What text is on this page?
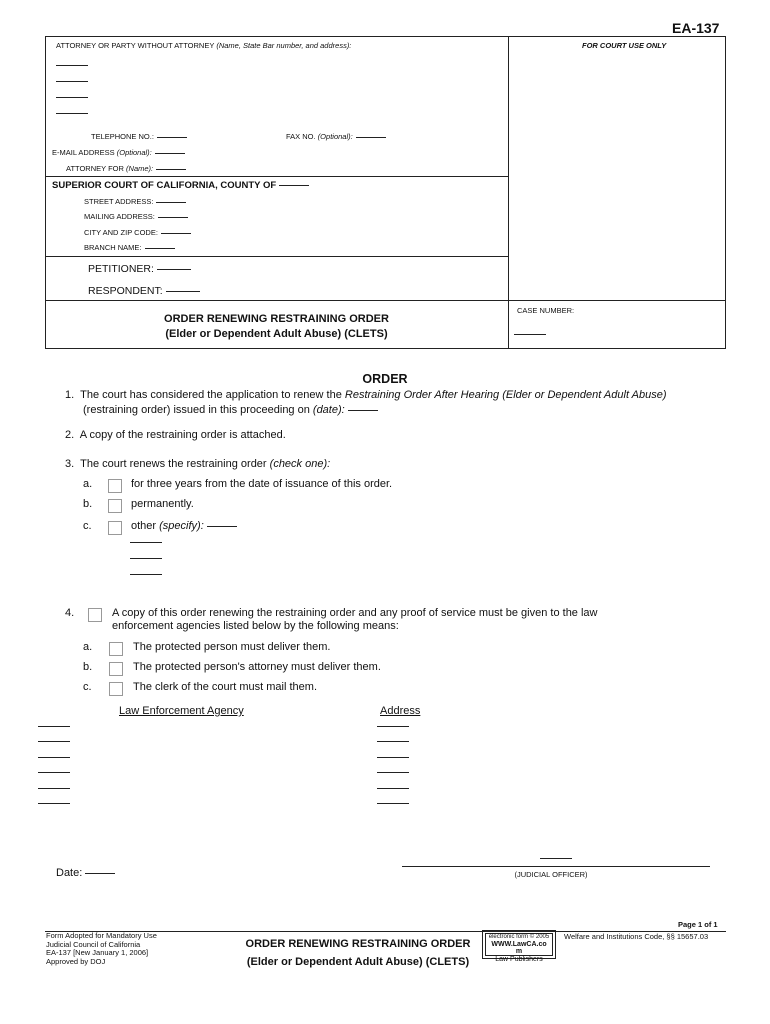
EA-137
ATTORNEY OR PARTY WITHOUT ATTORNEY (Name, State Bar number, and address):	FOR COURT USE ONLY
TELEPHONE NO.:	FAX NO. (Optional):
E-MAIL ADDRESS (Optional):
ATTORNEY FOR (Name):
SUPERIOR COURT OF CALIFORNIA, COUNTY OF
STREET ADDRESS:
MAILING ADDRESS:
CITY AND ZIP CODE:
BRANCH NAME:
PETITIONER:
RESPONDENT:
ORDER RENEWING RESTRAINING ORDER
(Elder or Dependent Adult Abuse) (CLETS)
CASE NUMBER:
ORDER
1. The court has considered the application to renew the Restraining Order After Hearing (Elder or Dependent Adult Abuse)
(restraining order) issued in this proceeding on (date):
2. A copy of the restraining order is attached.
3. The court renews the restraining order (check one):
a.	for three years from the date of issuance of this order.
b.	permanently.
c.	other (specify):
4.	A copy of this order renewing the restraining order and any proof of service must be given to the law
enforcement agencies listed below by the following means:
a.	The protected person must deliver them.
b.	The protected person's attorney must deliver them.
c.	The clerk of the court must mail them.
Law Enforcement Agency	Address
Date:	(JUDICIAL OFFICER)
Page 1 of 1
Form Adopted for Mandatory Use
Judicial Council of California
EA-137 [New January 1, 2006]
Approved by DOJ
ORDER RENEWING RESTRAINING ORDER
(Elder or Dependent Adult Abuse) (CLETS)
electronic form © 2005
WWW.LawCA.co
m
Law Publishers
Welfare and Institutions Code, §§ 15657.03
